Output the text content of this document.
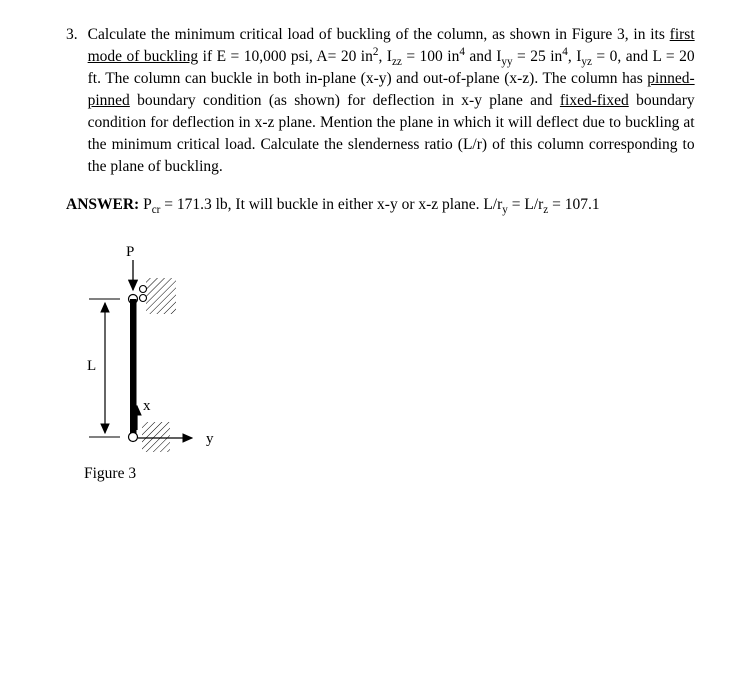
3. Calculate the minimum critical load of buckling of the column, as shown in Figure 3, in its first mode of buckling if E = 10,000 psi, A= 20 $in^2$, $I_{zz} = 100$ $in^4$ and $I_{yy} = 25$ $in^4$, $I_{yz} = 0$, and L = 20 ft. The column can buckle in both in-plane (x-y) and out-of-plane (x-z). The column has pinned-pinned boundary condition (as shown) for deflection in x-y plane and fixed-fixed boundary condition for deflection in x-z plane. Mention the plane in which it will deflect due to buckling at the minimum critical load. Calculate the slenderness ratio (L/r) of this column corresponding to the plane of buckling.

ANSWER: $P_{cr} = 171.3$ lb, It will buckle in either x-y or x-z plane. $L/r_y = L/r_z = 107.1$

P
L
x
y

Figure 3
